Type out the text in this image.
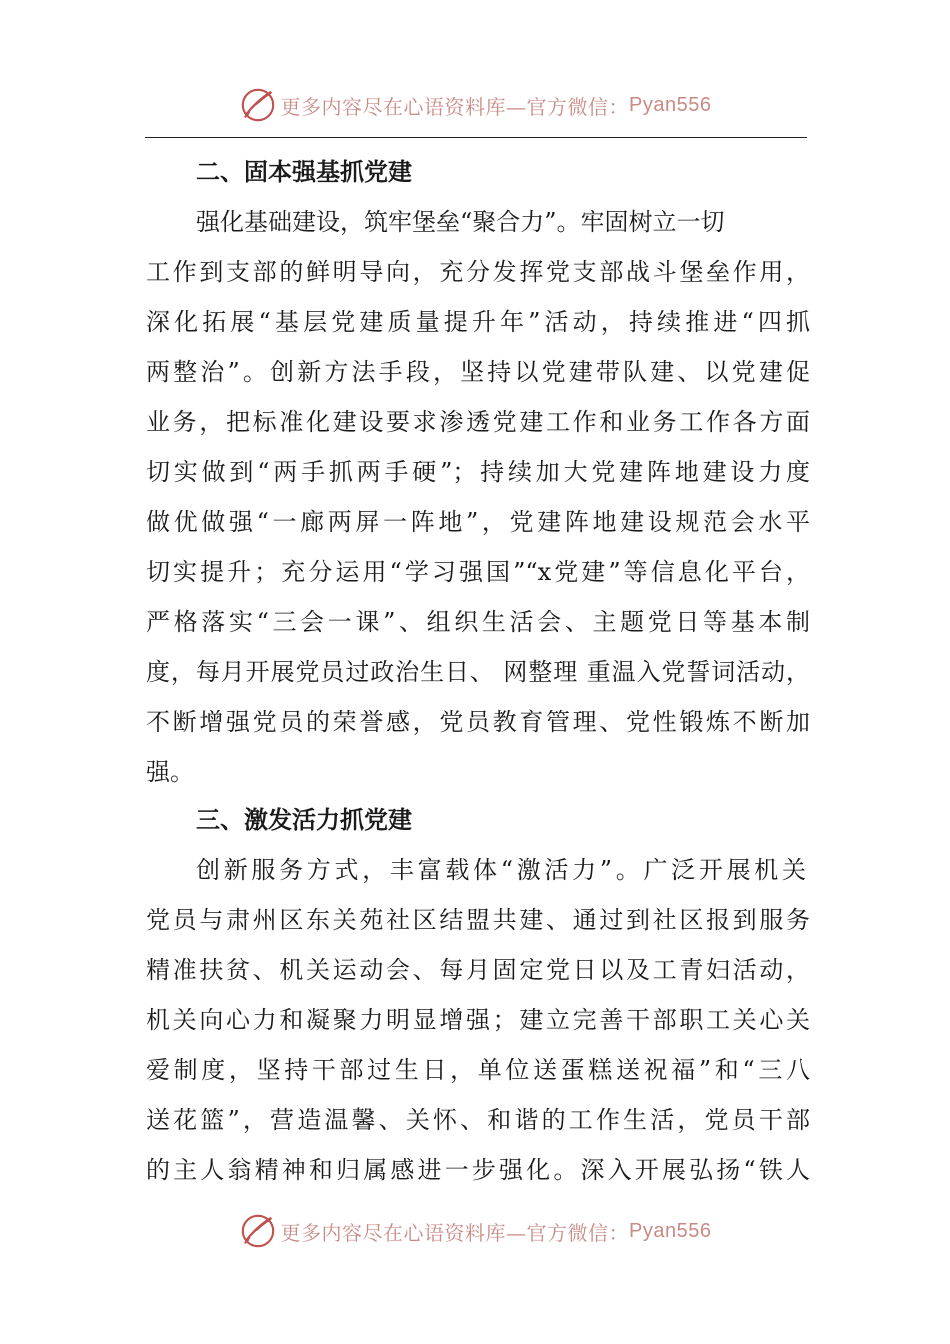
更多内容尽在心语资料库—官方微信： Pyan556
二、固本强基抓党建
强化基础建设，筑牢堡垒“聚合力”。牢固树立一切
工作到支部的鲜明导向，充分发挥党支部战斗堡垒作用，
深化拓展“基层党建质量提升年”活动，持续推进“四抓
两整治”。创新方法手段，坚持以党建带队建、以党建促
业务，把标准化建设要求渗透党建工作和业务工作各方面
切实做到“两手抓两手硬”；持续加大党建阵地建设力度
做优做强“一廊两屏一阵地”，党建阵地建设规范会水平
切实提升；充分运用“学习强国”“x党建”等信息化平台，
严格落实“三会一课”、组织生活会、主题党日等基本制
度，每月开展党员过政治生日、 网整理 重温入党誓词活动，
不断增强党员的荣誉感，党员教育管理、党性锻炼不断加
强。
三、激发活力抓党建
创新服务方式，丰富载体“激活力”。广泛开展机关
党员与肃州区东关苑社区结盟共建、通过到社区报到服务
精准扶贫、机关运动会、每月固定党日以及工青妇活动，
机关向心力和凝聚力明显增强；建立完善干部职工关心关
爱制度，坚持干部过生日，单位送蛋糕送祝福”和“三八
送花篮”，营造温馨、关怀、和谐的工作生活，党员干部
的主人翁精神和归属感进一步强化。深入开展弘扬“铁人
更多内容尽在心语资料库—官方微信： Pyan556
